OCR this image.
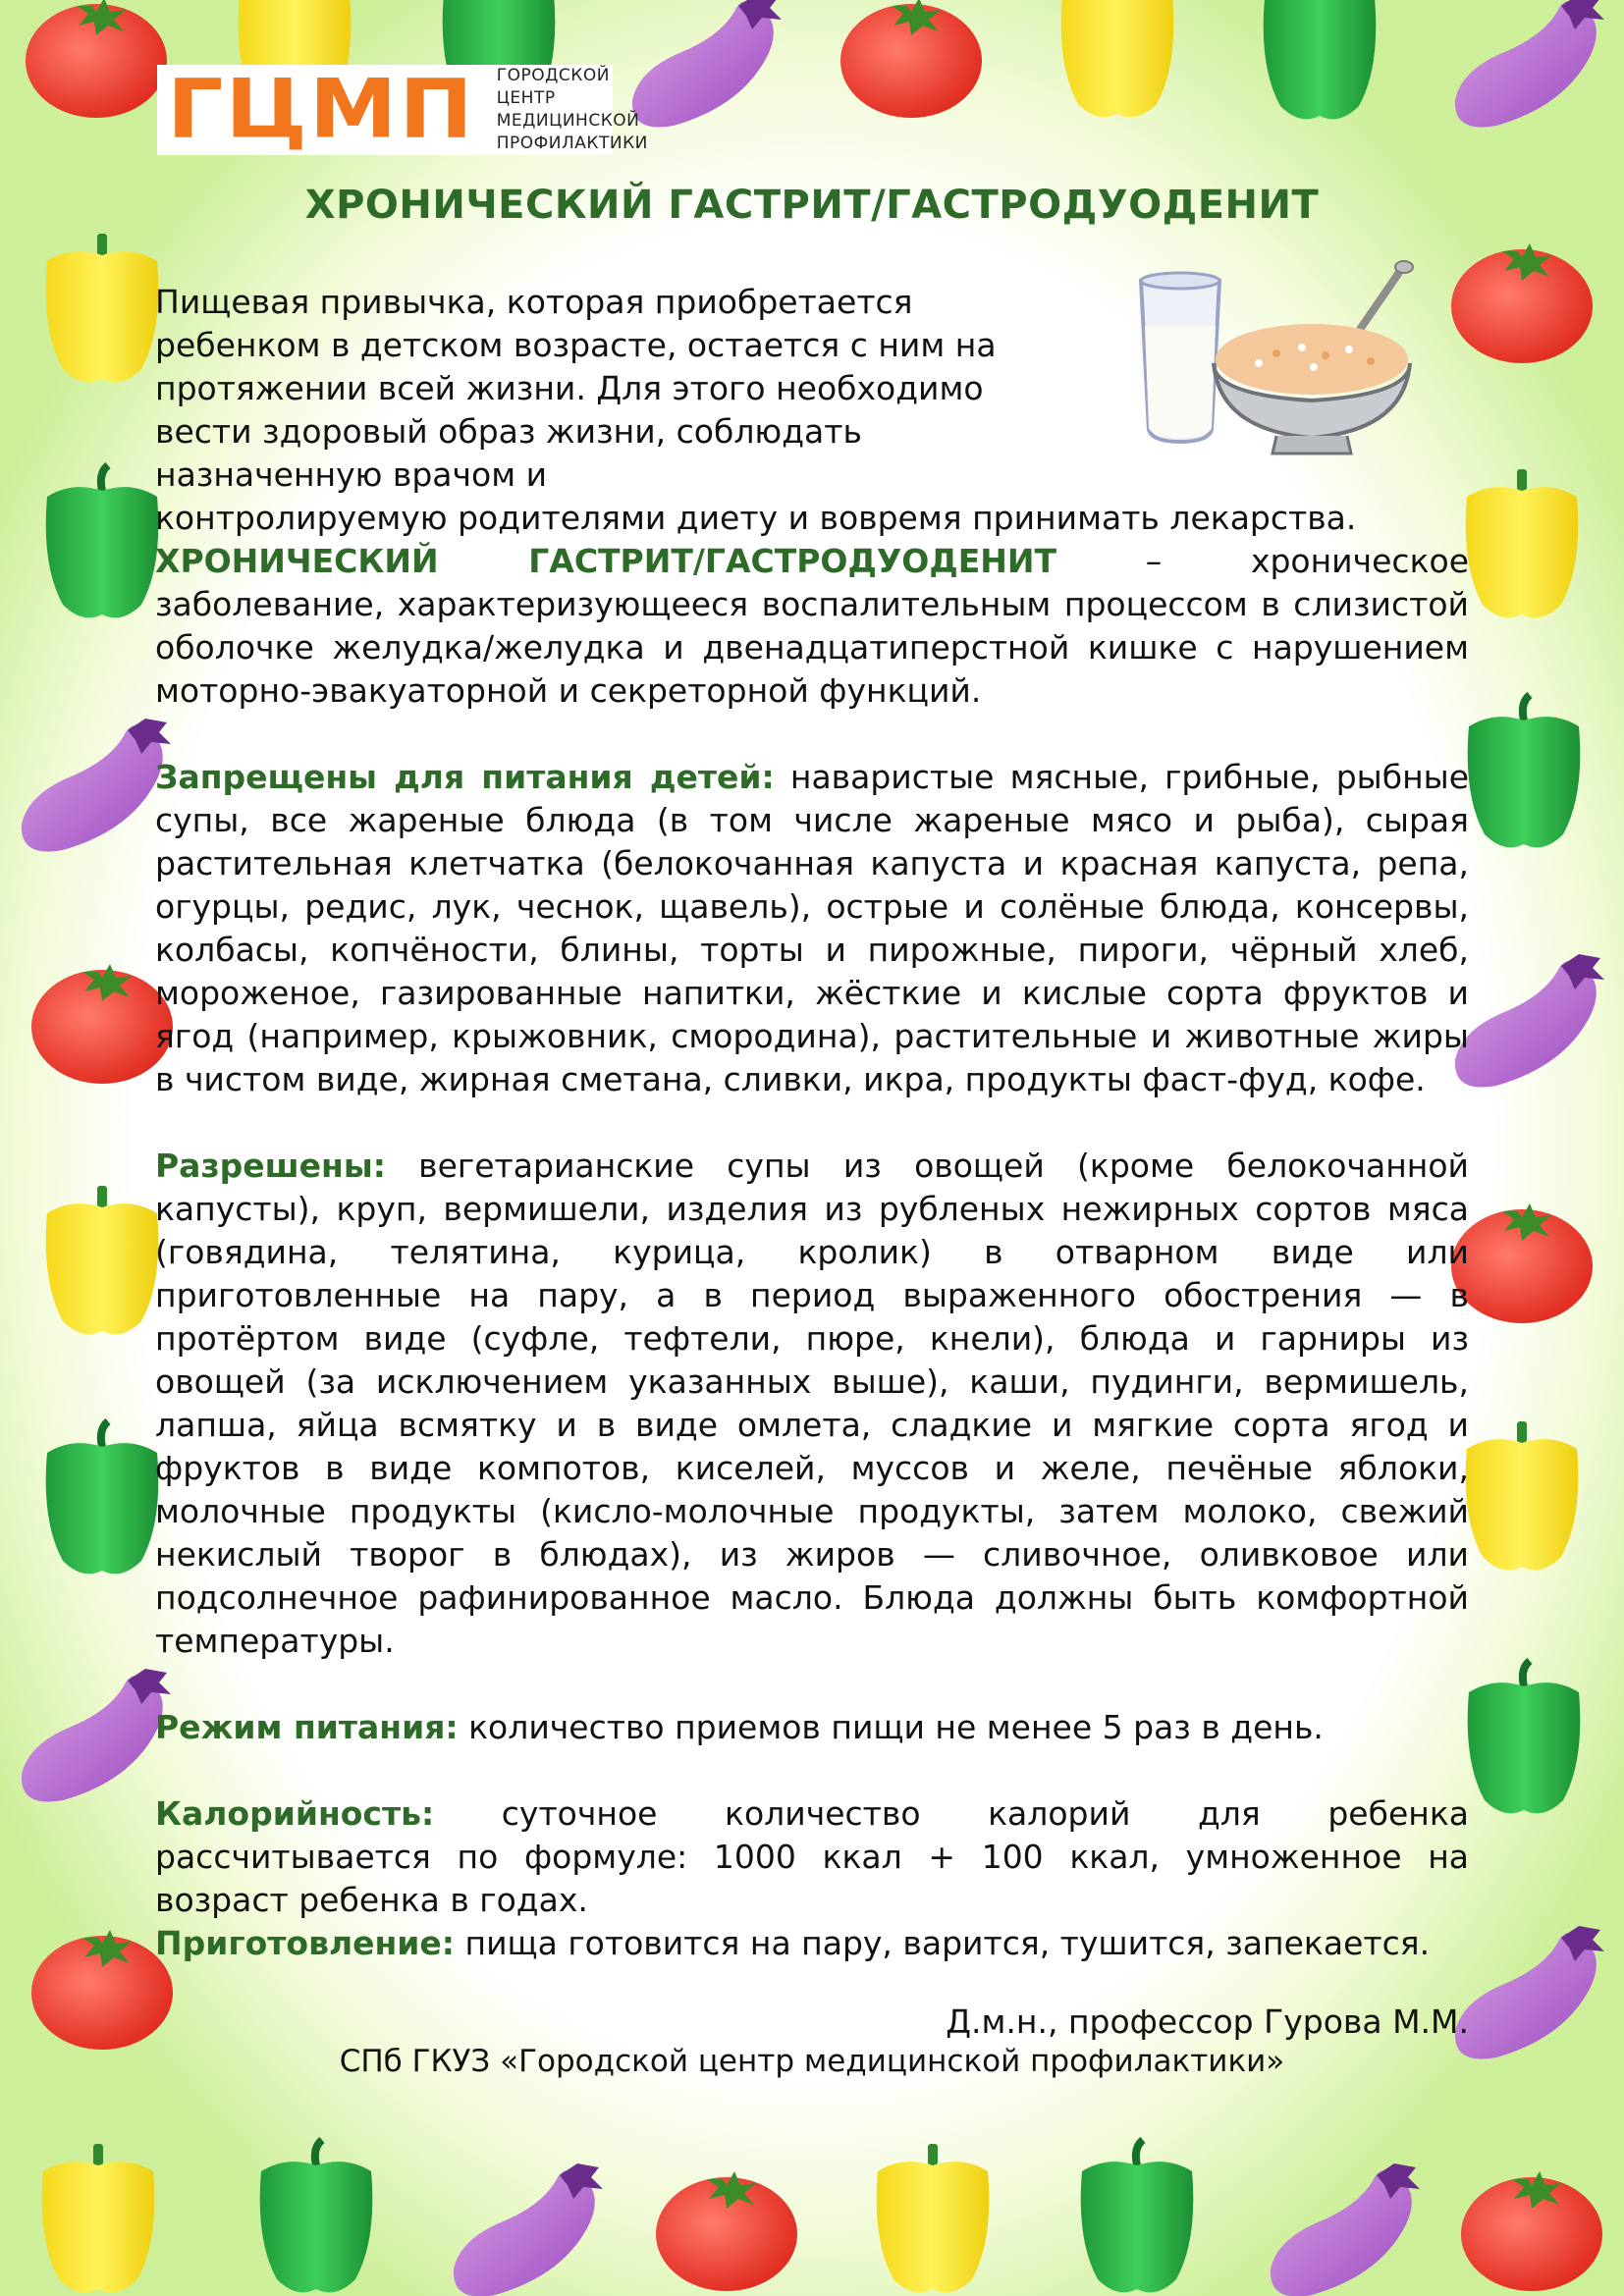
ГЦМП ГОРОДСКОЙ ЦЕНТР
МЕДИЦИНСКОЙ
ПРОФИЛАКТИКИ
ХРОНИЧЕСКИЙ ГАСТРИТ/ГАСТРОДУОДЕНИТ

Пищевая привычка, которая приобретается ребенком в детском возрасте, остается с ним на протяжении всей жизни. Для этого необходимо вести здоровый образ жизни, соблюдать назначенную врачом и

контролируемую родителями диету и вовремя принимать лекарства.

ХРОНИЧЕСКИЙ ГАСТРИТ/ГАСТРОДУОДЕНИТ – хроническое заболевание, характеризующееся воспалительным процессом в слизистой оболочке желудка/желудка и двенадцатиперстной кишке с нарушением моторно-эвакуаторной и секреторной функций.

Запрещены для питания детей: наваристые мясные, грибные, рыбные супы, все жареные блюда (в том числе жареные мясо и рыба), сырая растительная клетчатка (белокочанная капуста и красная капуста, репа, огурцы, редис, лук, чеснок, щавель), острые и солёные блюда, консервы, колбасы, копчёности, блины, торты и пирожные, пироги, чёрный хлеб, мороженое, газированные напитки, жёсткие и кислые сорта фруктов и ягод (например, крыжовник, смородина), растительные и животные жиры в чистом виде, жирная сметана, сливки, икра, продукты фаст-фуд, кофе.

Разрешены: вегетарианские супы из овощей (кроме белокочанной капусты), круп, вермишели, изделия из рубленых нежирных сортов мяса (говядина, телятина, курица, кролик) в отварном виде или приготовленные на пару, а в период выраженного обострения — в протёртом виде (суфле, тефтели, пюре, кнели), блюда и гарниры из овощей (за исключением указанных выше), каши, пудинги, вермишель, лапша, яйца всмятку и в виде омлета, сладкие и мягкие сорта ягод и фруктов в виде компотов, киселей, муссов и желе, печёные яблоки, молочные продукты (кисло-молочные продукты, затем молоко, свежий некислый творог в блюдах), из жиров — сливочное, оливковое или подсолнечное рафинированное масло. Блюда должны быть комфортной температуры.

Режим питания: количество приемов пищи не менее 5 раз в день.

Калорийность: суточное количество калорий для ребенка рассчитывается по формуле: 1000 ккал + 100 ккал, умноженное на возраст ребенка в годах.

Приготовление: пища готовится на пару, варится, тушится, запекается.

Д.м.н., профессор Гурова М.М.

СПб ГКУЗ «Городской центр медицинской профилактики»
